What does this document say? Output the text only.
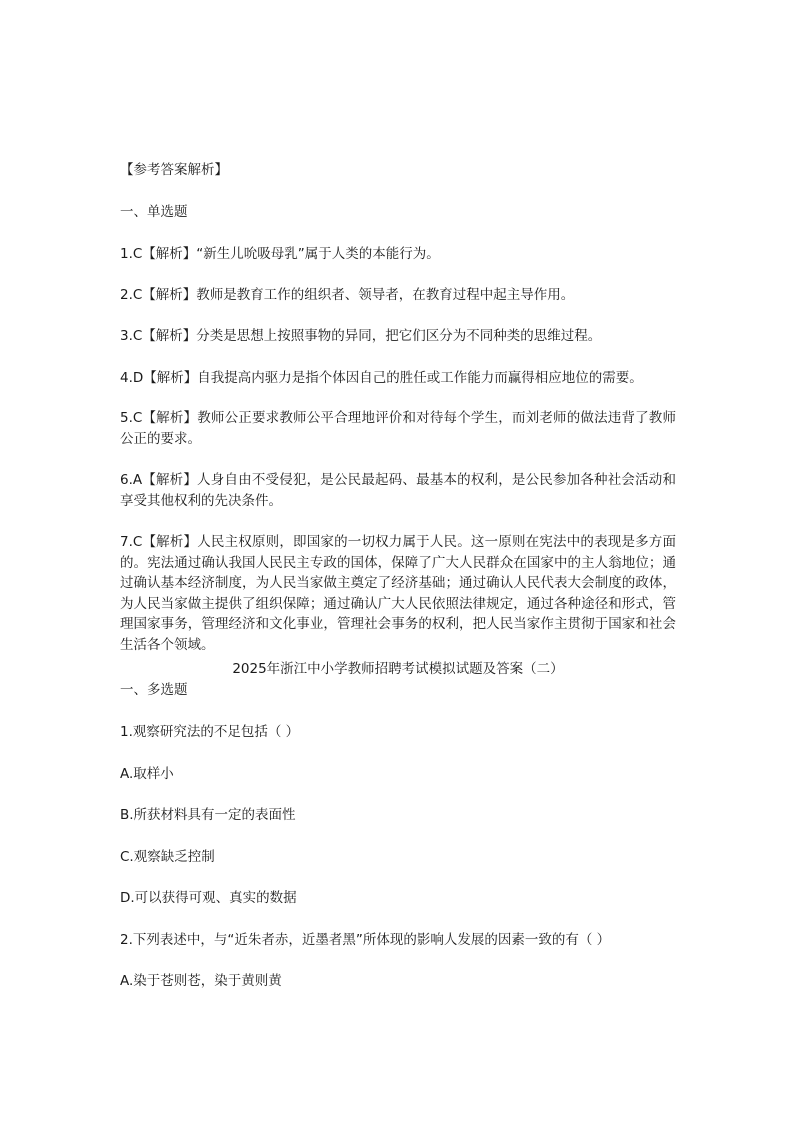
【参考答案解析】

一、单选题

1.C【解析】“新生儿吮吸母乳”属于人类的本能行为。

2.C【解析】教师是教育工作的组织者、领导者，在教育过程中起主导作用。

3.C【解析】分类是思想上按照事物的异同，把它们区分为不同种类的思维过程。

4.D【解析】自我提高内驱力是指个体因自己的胜任或工作能力而赢得相应地位的需要。

5.C【解析】教师公正要求教师公平合理地评价和对待每个学生，而刘老师的做法违背了教师公正的要求。

6.A【解析】人身自由不受侵犯，是公民最起码、最基本的权利，是公民参加各种社会活动和享受其他权利的先决条件。

7.C【解析】人民主权原则，即国家的一切权力属于人民。这一原则在宪法中的表现是多方面的。宪法通过确认我国人民民主专政的国体，保障了广大人民群众在国家中的主人翁地位；通过确认基本经济制度，为人民当家做主奠定了经济基础；通过确认人民代表大会制度的政体，为人民当家做主提供了组织保障；通过确认广大人民依照法律规定，通过各种途径和形式，管理国家事务，管理经济和文化事业，管理社会事务的权利，把人民当家作主贯彻于国家和社会生活各个领域。

2025年浙江中小学教师招聘考试模拟试题及答案（二）

一、多选题

1.观察研究法的不足包括（ ）

A.取样小

B.所获材料具有一定的表面性

C.观察缺乏控制

D.可以获得可观、真实的数据

2.下列表述中，与“近朱者赤，近墨者黑”所体现的影响人发展的因素一致的有（ ）

A.染于苍则苍，染于黄则黄
